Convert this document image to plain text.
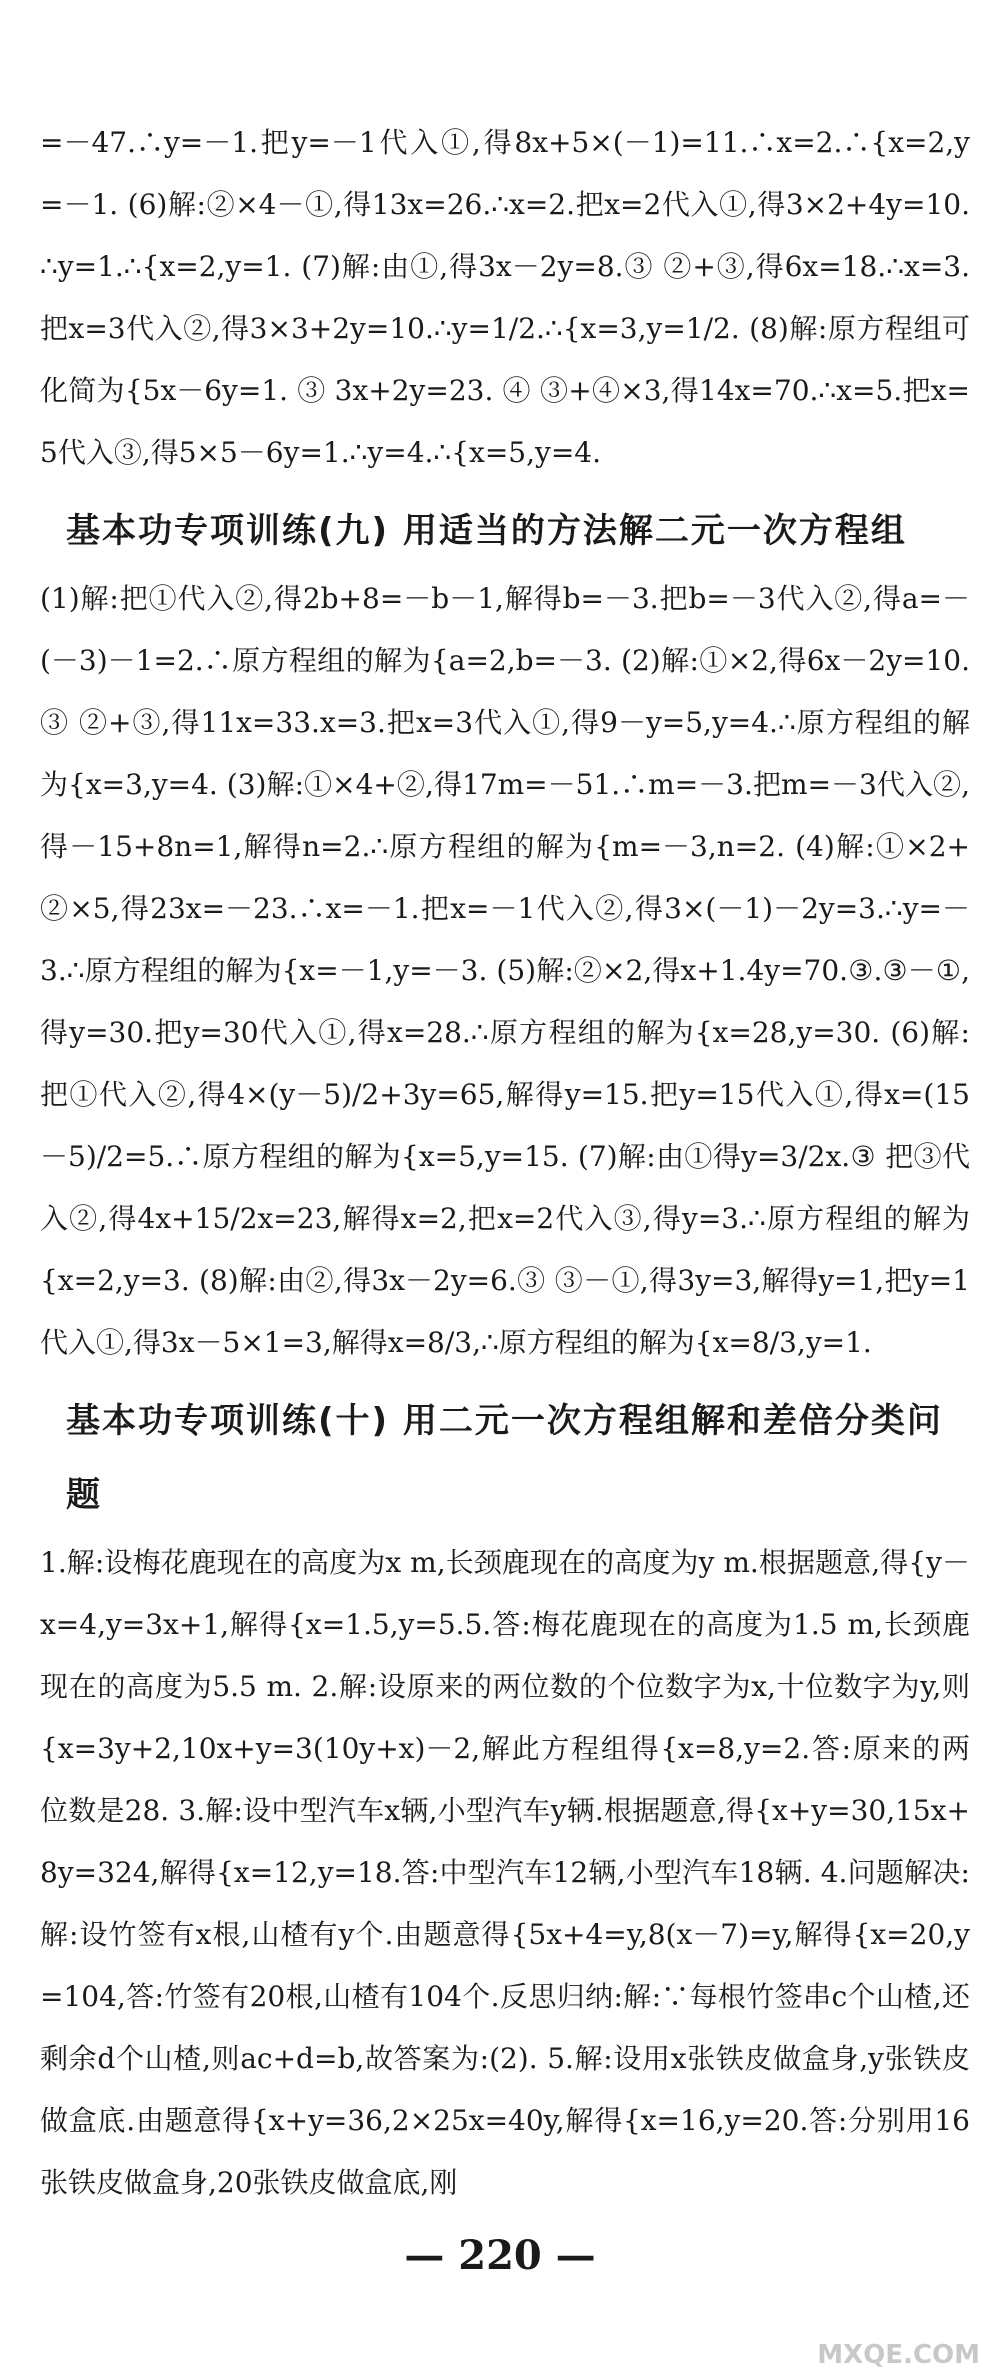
=－47.∴y=－1.把y=－1代入①,得8x+5×(－1)=11.∴x=2.∴{x=2,y=－1. (6)解:②×4－①,得13x=26.∴x=2.把x=2代入①,得3×2+4y=10.∴y=1.∴{x=2,y=1. (7)解:由①,得3x－2y=8.③ ②+③,得6x=18.∴x=3.把x=3代入②,得3×3+2y=10.∴y=1/2.∴{x=3,y=1/2. (8)解:原方程组可化简为{5x－6y=1. ③ 3x+2y=23. ④ ③+④×3,得14x=70.∴x=5.把x=5代入③,得5×5－6y=1.∴y=4.∴{x=5,y=4.

基本功专项训练(九) 用适当的方法解二元一次方程组

(1)解:把①代入②,得2b+8=－b－1,解得b=－3.把b=－3代入②,得a=－(－3)－1=2.∴原方程组的解为{a=2,b=－3. (2)解:①×2,得6x－2y=10.③ ②+③,得11x=33.x=3.把x=3代入①,得9－y=5,y=4.∴原方程组的解为{x=3,y=4. (3)解:①×4+②,得17m=－51.∴m=－3.把m=－3代入②,得－15+8n=1,解得n=2.∴原方程组的解为{m=－3,n=2. (4)解:①×2+②×5,得23x=－23.∴x=－1.把x=－1代入②,得3×(－1)－2y=3.∴y=－3.∴原方程组的解为{x=－1,y=－3. (5)解:②×2,得x+1.4y=70.③.③－①,得y=30.把y=30代入①,得x=28.∴原方程组的解为{x=28,y=30. (6)解:把①代入②,得4×(y－5)/2+3y=65,解得y=15.把y=15代入①,得x=(15－5)/2=5.∴原方程组的解为{x=5,y=15. (7)解:由①得y=3/2x.③ 把③代入②,得4x+15/2x=23,解得x=2,把x=2代入③,得y=3.∴原方程组的解为{x=2,y=3. (8)解:由②,得3x－2y=6.③ ③－①,得3y=3,解得y=1,把y=1代入①,得3x－5×1=3,解得x=8/3,∴原方程组的解为{x=8/3,y=1.

基本功专项训练(十) 用二元一次方程组解和差倍分类问题

1.解:设梅花鹿现在的高度为x m,长颈鹿现在的高度为y m.根据题意,得{y－x=4,y=3x+1,解得{x=1.5,y=5.5.答:梅花鹿现在的高度为1.5 m,长颈鹿现在的高度为5.5 m. 2.解:设原来的两位数的个位数字为x,十位数字为y,则{x=3y+2,10x+y=3(10y+x)－2,解此方程组得{x=8,y=2.答:原来的两位数是28. 3.解:设中型汽车x辆,小型汽车y辆.根据题意,得{x+y=30,15x+8y=324,解得{x=12,y=18.答:中型汽车12辆,小型汽车18辆. 4.问题解决:解:设竹签有x根,山楂有y个.由题意得{5x+4=y,8(x－7)=y,解得{x=20,y=104,答:竹签有20根,山楂有104个.反思归纳:解:∵每根竹签串c个山楂,还剩余d个山楂,则ac+d=b,故答案为:(2). 5.解:设用x张铁皮做盒身,y张铁皮做盒底.由题意得{x+y=36,2×25x=40y,解得{x=16,y=20.答:分别用16张铁皮做盒身,20张铁皮做盒底,刚

— 220 —
MXQE.COM
